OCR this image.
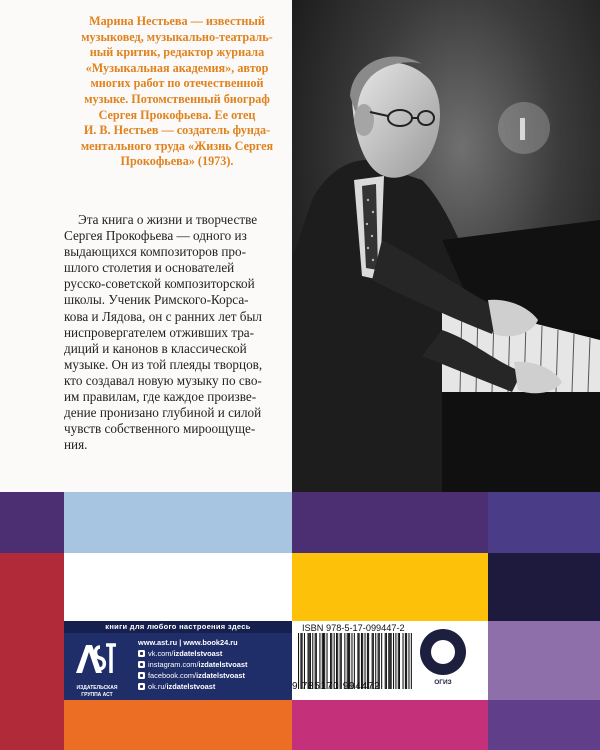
Марина Нестьева — известный

музыковед, музыкально-театраль-

ный критик, редактор журнала

«Музыкальная академия», автор

многих работ по отечественной

музыке. Потомственный биограф

Сергея Прокофьева. Ее отец

И. В. Нестьев — создатель фунда-

ментального труда «Жизнь Сергея

Прокофьева» (1973).

Эта книга о жизни и творчестве
Сергея Прокофьева — одного из
выдающихся композиторов про-
шлого столетия и основателей
русско-советской композиторской
школы. Ученик Римского-Корса-
кова и Лядова, он с ранних лет был
ниспровергателем отживших тра-
диций и канонов в классической
музыке. Он из той плеяды творцов,
кто создавал новую музыку по сво-
им правилам, где каждое произве-
дение пронизано глубиной и силой
чувств собственного мироощуще-
ния.
книги для любого настроения здесь
аст
ИЗДАТЕЛЬСКАЯ ГРУППА АСТ
www.ast.ru | www.book24.ru
vk.com/izdatelstvoast
instagram.com/izdatelstvoast
facebook.com/izdatelstvoast
ok.ru/izdatelstvoast
ISBN 978-5-17-099447-2
9 785170 994472	ОГИЗ
